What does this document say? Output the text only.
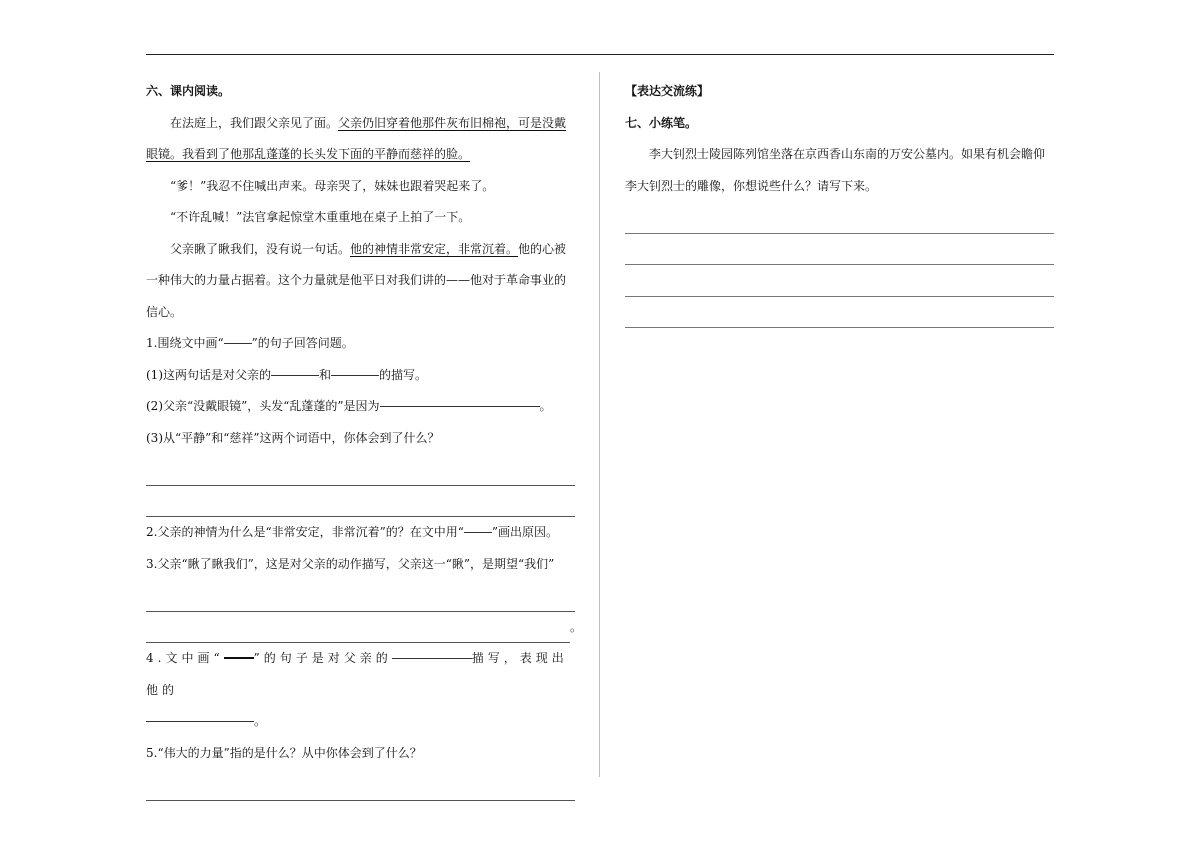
六、课内阅读。

在法庭上，我们跟父亲见了面。父亲仍旧穿着他那件灰布旧棉袍，可是没戴眼镜。我看到了他那乱蓬蓬的长头发下面的平静而慈祥的脸。

“爹！”我忍不住喊出声来。母亲哭了，妹妹也跟着哭起来了。

“不许乱喊！”法官拿起惊堂木重重地在桌子上拍了一下。

父亲瞅了瞅我们，没有说一句话。他的神情非常安定，非常沉着。他的心被一种伟大的力量占据着。这个力量就是他平日对我们讲的——他对于革命事业的信心。

1.围绕文中画“ ”的句子回答问题。

(1)这两句话是对父亲的	和	的描写。

(2)父亲“没戴眼镜”，头发“乱蓬蓬的”是因为	。

(3)从“平静”和“慈祥”这两个词语中，你体会到了什么？

2.父亲的神情为什么是“非常安定，非常沉着”的？在文中用“ ”画出原因。

3.父亲“瞅了瞅我们”，这是对父亲的动作描写，父亲这一“瞅”，是期望“我们”

。

4.文中画“	”的句子是对父亲的	描写，表现出他的

。

5.“伟大的力量”指的是什么？从中你体会到了什么？

【表达交流练】

七、小练笔。

李大钊烈士陵园陈列馆坐落在京西香山东南的万安公墓内。如果有机会瞻仰李大钊烈士的雕像，你想说些什么？请写下来。
